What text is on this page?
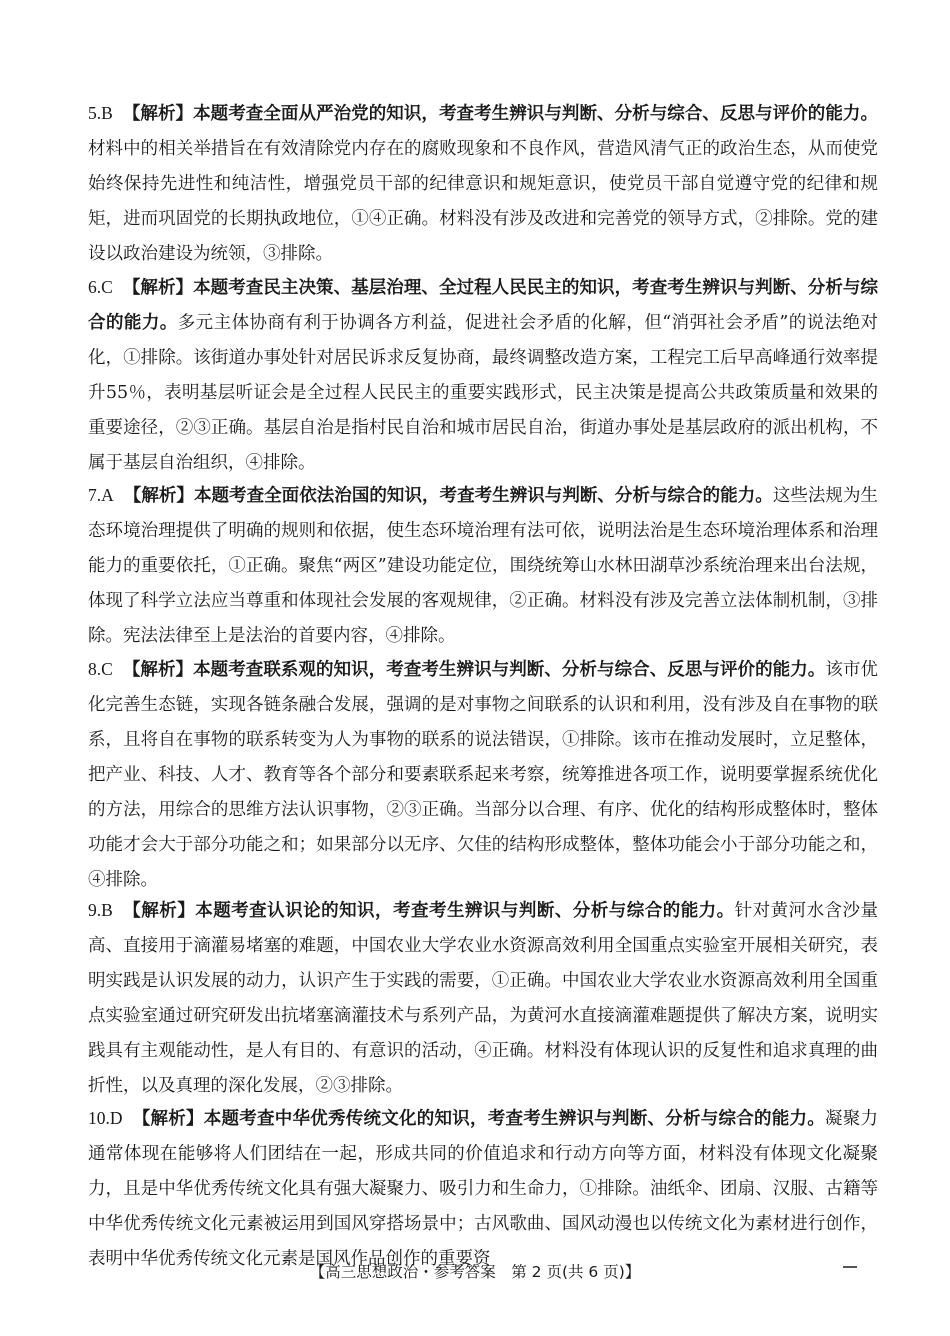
5.B 【解析】本题考查全面从严治党的知识，考查考生辨识与判断、分析与综合、反思与评价的能力。材料中的相关举措旨在有效清除党内存在的腐败现象和不良作风，营造风清气正的政治生态，从而使党始终保持先进性和纯洁性，增强党员干部的纪律意识和规矩意识，使党员干部自觉遵守党的纪律和规矩，进而巩固党的长期执政地位，①④正确。材料没有涉及改进和完善党的领导方式，②排除。党的建设以政治建设为统领，③排除。
6.C 【解析】本题考查民主决策、基层治理、全过程人民民主的知识，考查考生辨识与判断、分析与综合的能力。多元主体协商有利于协调各方利益，促进社会矛盾的化解，但“消弭社会矛盾”的说法绝对化，①排除。该街道办事处针对居民诉求反复协商，最终调整改造方案，工程完工后早高峰通行效率提升55％，表明基层听证会是全过程人民民主的重要实践形式，民主决策是提高公共政策质量和效果的重要途径，②③正确。基层自治是指村民自治和城市居民自治，街道办事处是基层政府的派出机构，不属于基层自治组织，④排除。
7.A 【解析】本题考查全面依法治国的知识，考查考生辨识与判断、分析与综合的能力。这些法规为生态环境治理提供了明确的规则和依据，使生态环境治理有法可依，说明法治是生态环境治理体系和治理能力的重要依托，①正确。聚焦“两区”建设功能定位，围绕统筹山水林田湖草沙系统治理来出台法规，体现了科学立法应当尊重和体现社会发展的客观规律，②正确。材料没有涉及完善立法体制机制，③排除。宪法法律至上是法治的首要内容，④排除。
8.C 【解析】本题考查联系观的知识，考查考生辨识与判断、分析与综合、反思与评价的能力。该市优化完善生态链，实现各链条融合发展，强调的是对事物之间联系的认识和利用，没有涉及自在事物的联系，且将自在事物的联系转变为人为事物的联系的说法错误，①排除。该市在推动发展时，立足整体，把产业、科技、人才、教育等各个部分和要素联系起来考察，统筹推进各项工作，说明要掌握系统优化的方法，用综合的思维方法认识事物，②③正确。当部分以合理、有序、优化的结构形成整体时，整体功能才会大于部分功能之和；如果部分以无序、欠佳的结构形成整体，整体功能会小于部分功能之和，④排除。
9.B 【解析】本题考查认识论的知识，考查考生辨识与判断、分析与综合的能力。针对黄河水含沙量高、直接用于滴灌易堵塞的难题，中国农业大学农业水资源高效利用全国重点实验室开展相关研究，表明实践是认识发展的动力，认识产生于实践的需要，①正确。中国农业大学农业水资源高效利用全国重点实验室通过研究研发出抗堵塞滴灌技术与系列产品，为黄河水直接滴灌难题提供了解决方案，说明实践具有主观能动性，是人有目的、有意识的活动，④正确。材料没有体现认识的反复性和追求真理的曲折性，以及真理的深化发展，②③排除。
10.D 【解析】本题考查中华优秀传统文化的知识，考查考生辨识与判断、分析与综合的能力。凝聚力通常体现在能够将人们团结在一起，形成共同的价值追求和行动方向等方面，材料没有体现文化凝聚力，且是中华优秀传统文化具有强大凝聚力、吸引力和生命力，①排除。油纸伞、团扇、汉服、古籍等中华优秀传统文化元素被运用到国风穿搭场景中；古风歌曲、国风动漫也以传统文化为素材进行创作，表明中华优秀传统文化元素是国风作品创作的重要资
【高三思想政治・参考答案　第 2 页(共 6 页)】
